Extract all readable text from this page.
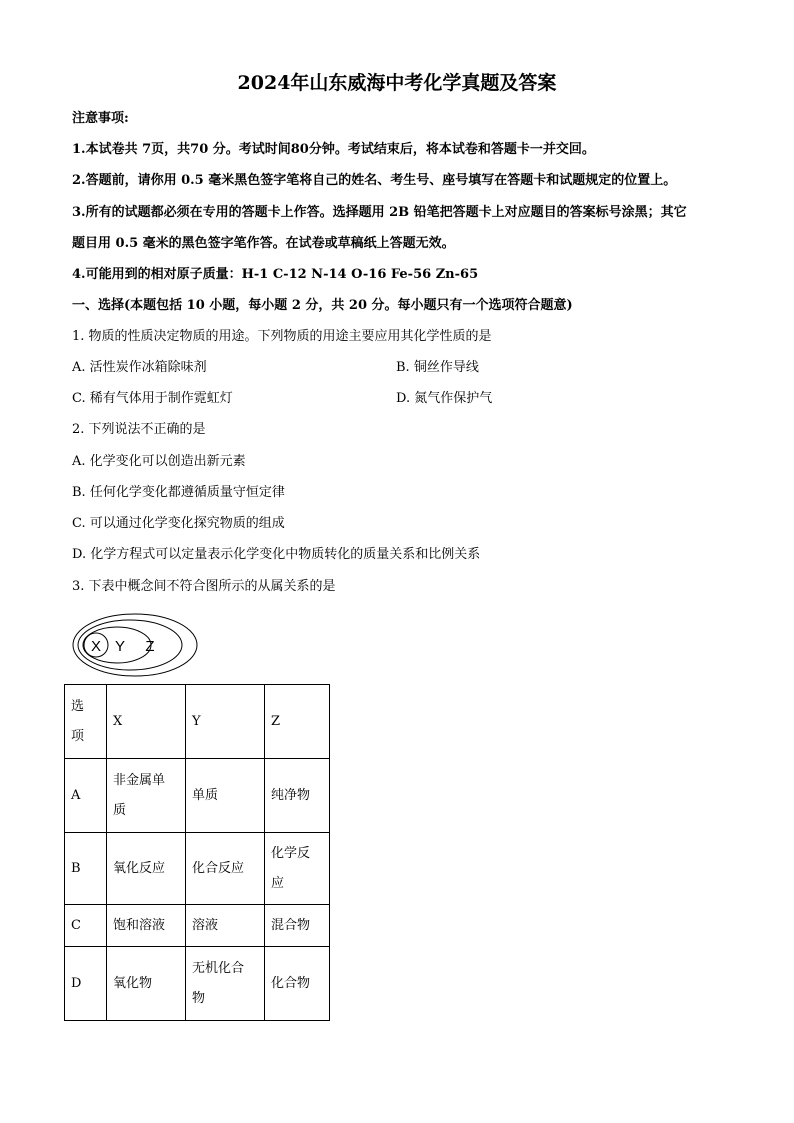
2024年山东威海中考化学真题及答案
注意事项:
1.本试卷共 7页，共70 分。考试时间80分钟。考试结束后，将本试卷和答题卡一并交回。
2.答题前，请你用 0.5 毫米黑色签字笔将自己的姓名、考生号、座号填写在答题卡和试题规定的位置上。
3.所有的试题都必须在专用的答题卡上作答。选择题用 2B 铅笔把答题卡上对应题目的答案标号涂黑；其它
题目用 0.5 毫米的黑色签字笔作答。在试卷或草稿纸上答题无效。
4.可能用到的相对原子质量：H-1 C-12 N-14 O-16 Fe-56 Zn-65
一、选择(本题包括 10 小题，每小题 2 分，共 20 分。每小题只有一个选项符合题意)
1. 物质的性质决定物质的用途。下列物质的用途主要应用其化学性质的是
A. 活性炭作冰箱除味剂	B. 铜丝作导线
C. 稀有气体用于制作霓虹灯	D. 氮气作保护气
2. 下列说法不正确的是
A. 化学变化可以创造出新元素
B. 任何化学变化都遵循质量守恒定律
C. 可以通过化学变化探究物质的组成
D. 化学方程式可以定量表示化学变化中物质转化的质量关系和比例关系
3. 下表中概念间不符合图所示的从属关系的是
X Y Z
选
项	X	Y	Z
A	非金属单
质	单质	纯净物
B	氧化反应	化合反应	化学反
应
C	饱和溶液	溶液	混合物
D	氧化物	无机化合
物	化合物
